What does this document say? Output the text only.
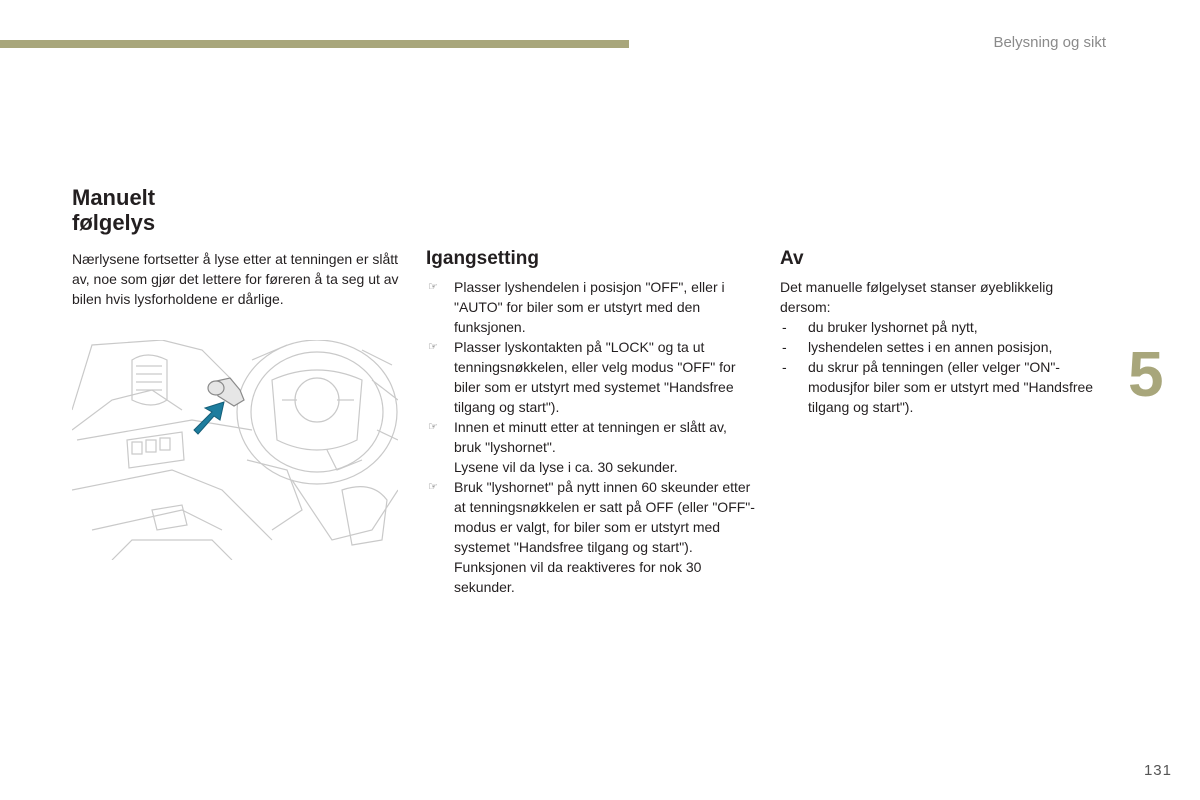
Belysning og sikt
Manuelt
følgelys
Nærlysene fortsetter å lyse etter at tenningen er slått av, noe som gjør det lettere for føreren å ta seg ut av bilen hvis lysforholdene er dårlige.
Igangsetting
☞ Plasser lyshendelen i posisjon "OFF", eller i "AUTO" for biler som er utstyrt med den funksjonen.
☞ Plasser lyskontakten på "LOCK" og ta ut tenningsnøkkelen, eller velg modus "OFF" for biler som er utstyrt med systemet "Handsfree tilgang og start").
☞ Innen et minutt etter at tenningen er slått av, bruk "lyshornet".
Lysene vil da lyse i ca. 30 sekunder.
☞ Bruk "lyshornet" på nytt innen 60 skeunder etter at tenningsnøkkelen er satt på OFF (eller "OFF"-modus er valgt, for biler som er utstyrt med systemet "Handsfree tilgang og start"). Funksjonen vil da reaktiveres for nok 30 sekunder.
Av

Det manuelle følgelyset stanser øyeblikkelig dersom:

- du bruker lyshornet på nytt,
- lyshendelen settes i en annen posisjon,
- du skrur på tenningen (eller velger "ON"-modusjfor biler som er utstyrt med "Handsfree tilgang og start").	5
131
